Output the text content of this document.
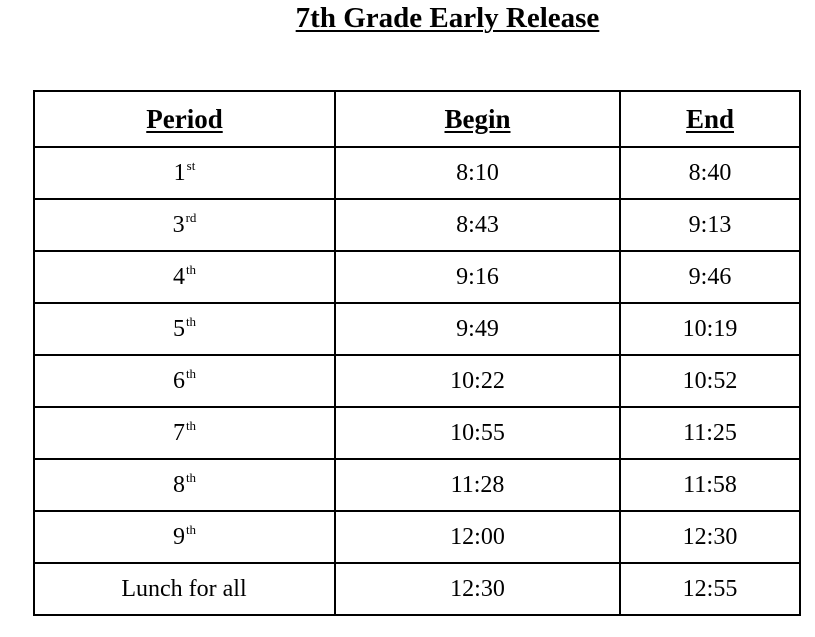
7th Grade Early Release
Period	Begin	End
1st	8:10	8:40
3rd	8:43	9:13
4th	9:16	9:46
5th	9:49	10:19
6th	10:22	10:52
7th	10:55	11:25
8th	11:28	11:58
9th	12:00	12:30
Lunch for all	12:30	12:55
